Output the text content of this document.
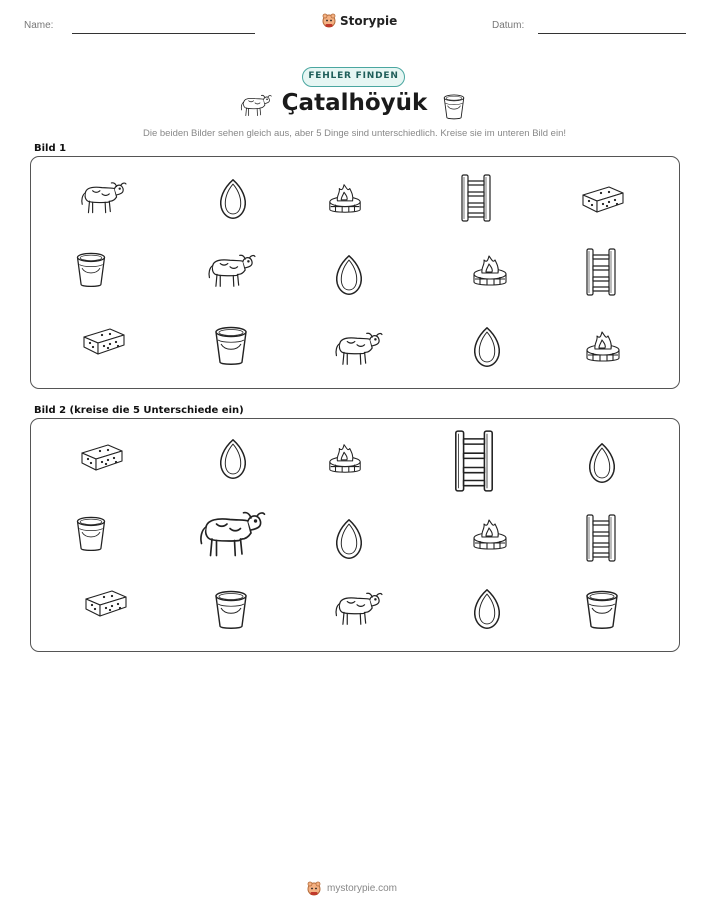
Name:	Storypie	Datum:
FEHLER FINDEN
Çatalhöyük
Die beiden Bilder sehen gleich aus, aber 5 Dinge sind unterschiedlich. Kreise sie im unteren Bild ein!
Bild 1
Bild 2 (kreise die 5 Unterschiede ein)
mystorypie.com
